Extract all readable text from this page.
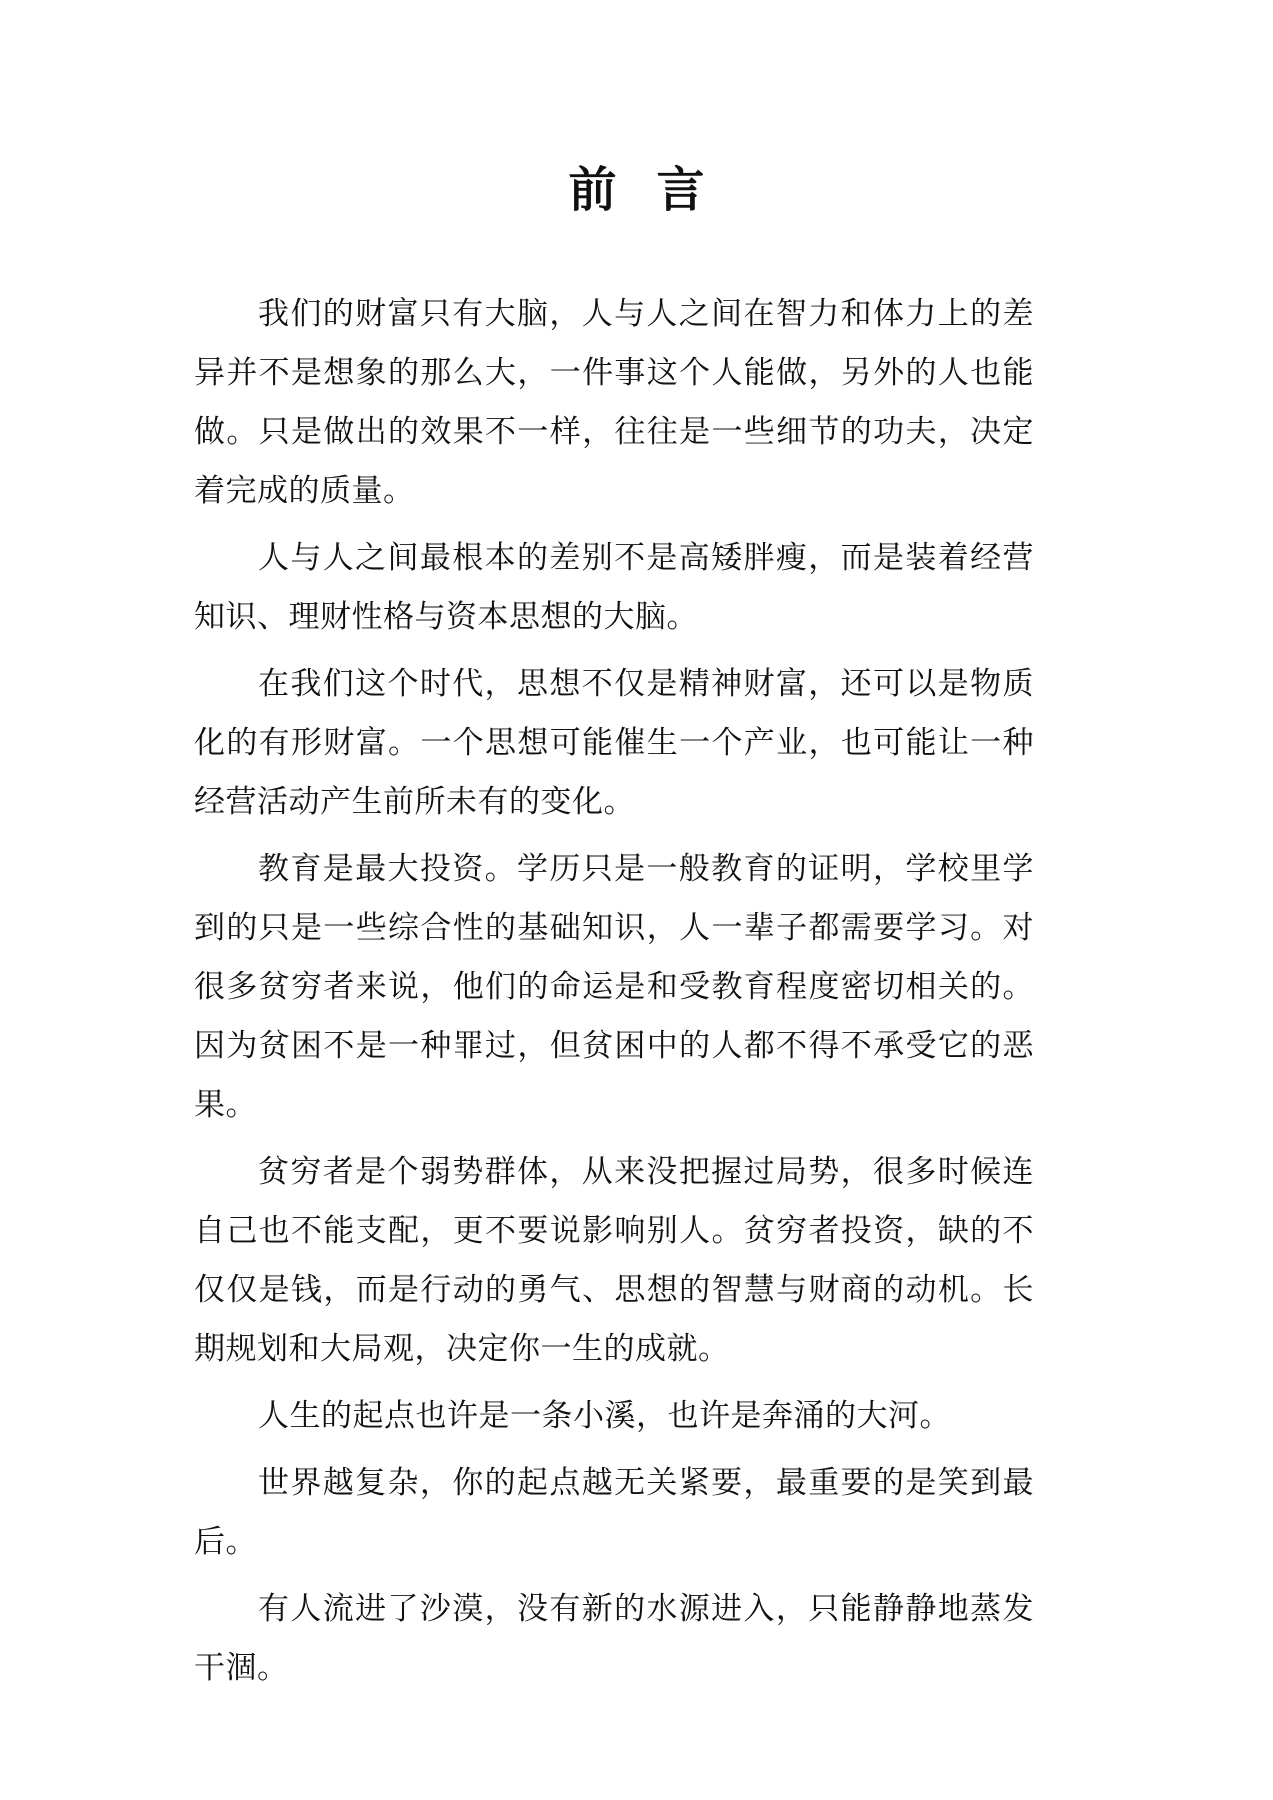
前言

我们的财富只有大脑，人与人之间在智力和体力上的差异并不是想象的那么大，一件事这个人能做，另外的人也能做。只是做出的效果不一样，往往是一些细节的功夫，决定着完成的质量。

人与人之间最根本的差别不是高矮胖瘦，而是装着经营知识、理财性格与资本思想的大脑。

在我们这个时代，思想不仅是精神财富，还可以是物质化的有形财富。一个思想可能催生一个产业，也可能让一种经营活动产生前所未有的变化。

教育是最大投资。学历只是一般教育的证明，学校里学到的只是一些综合性的基础知识，人一辈子都需要学习。对很多贫穷者来说，他们的命运是和受教育程度密切相关的。因为贫困不是一种罪过，但贫困中的人都不得不承受它的恶果。

贫穷者是个弱势群体，从来没把握过局势，很多时候连自己也不能支配，更不要说影响别人。贫穷者投资，缺的不仅仅是钱，而是行动的勇气、思想的智慧与财商的动机。长期规划和大局观，决定你一生的成就。

人生的起点也许是一条小溪，也许是奔涌的大河。

世界越复杂，你的起点越无关紧要，最重要的是笑到最后。

有人流进了沙漠，没有新的水源进入，只能静静地蒸发干涸。
